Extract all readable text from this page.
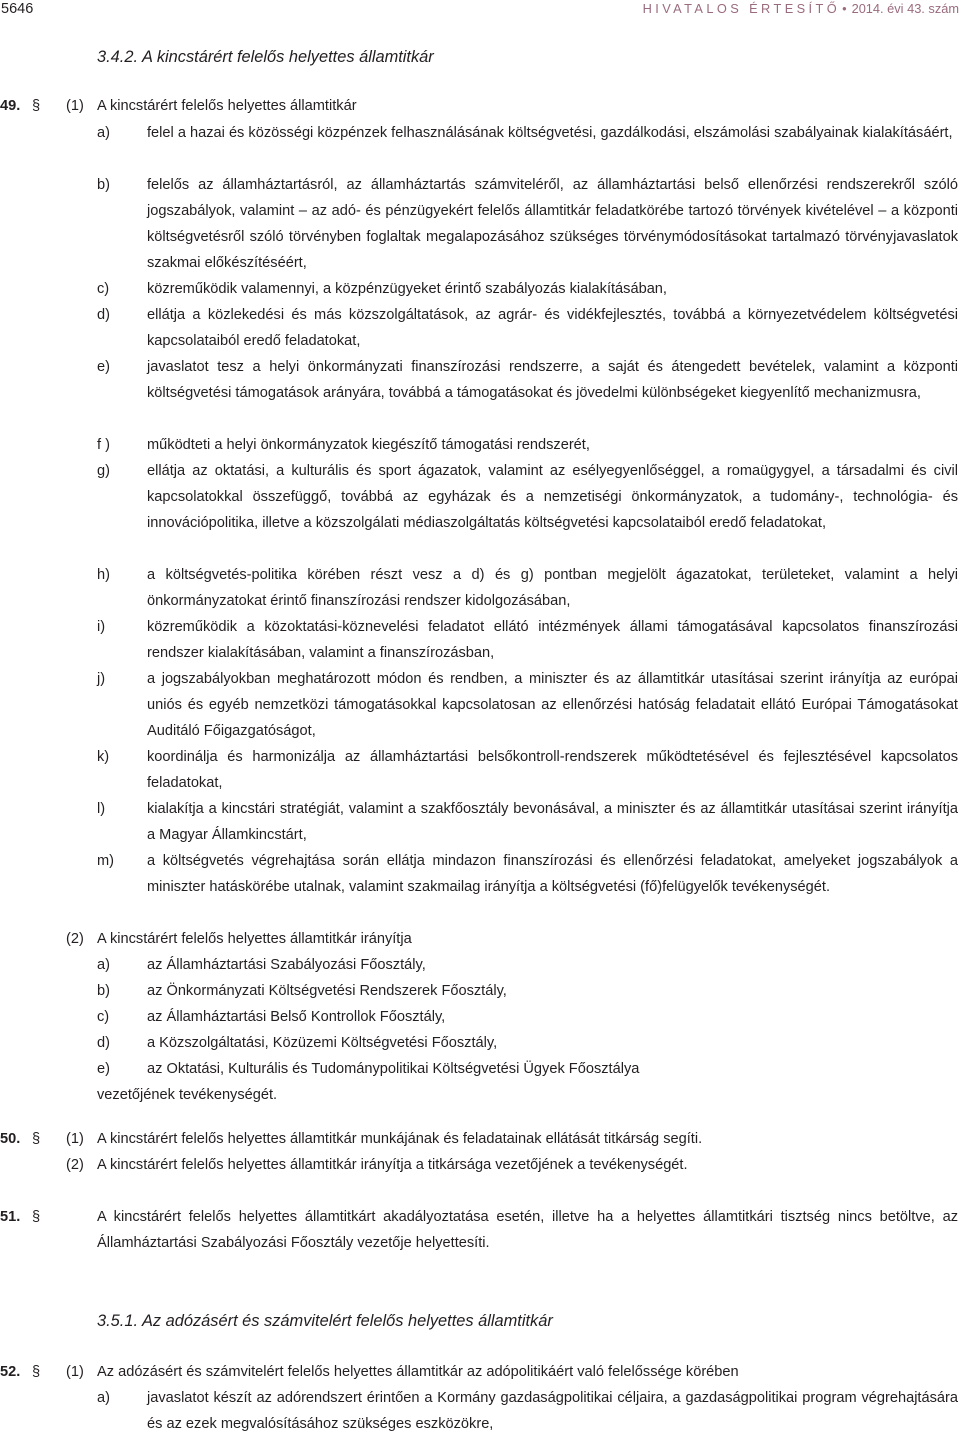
5646	HIVATALOS ÉRTESÍTŐ • 2014. évi 43. szám
3.4.2. A kincstárért felelős helyettes államtitkár
49. § (1) A kincstárért felelős helyettes államtitkár
a)	felel a hazai és közösségi közpénzek felhasználásának költségvetési, gazdálkodási, elszámolási szabályainak kialakításáért,
b)	felelős az államháztartásról, az államháztartás számviteléről, az államháztartási belső ellenőrzési rendszerekről szóló jogszabályok, valamint – az adó- és pénzügyekért felelős államtitkár feladatkörébe tartozó törvények kivételével – a központi költségvetésről szóló törvényben foglaltak megalapozásához szükséges törvénymódosításokat tartalmazó törvényjavaslatok szakmai előkészítéséért,
c)	közreműködik valamennyi, a közpénzügyeket érintő szabályozás kialakításában,
d)	ellátja a közlekedési és más közszolgáltatások, az agrár- és vidékfejlesztés, továbbá a környezetvédelem költségvetési kapcsolataiból eredő feladatokat,
e)	javaslatot tesz a helyi önkormányzati finanszírozási rendszerre, a saját és átengedett bevételek, valamint a központi költségvetési támogatások arányára, továbbá a támogatásokat és jövedelmi különbségeket kiegyenlítő mechanizmusra,
f )	működteti a helyi önkormányzatok kiegészítő támogatási rendszerét,
g)	ellátja az oktatási, a kulturális és sport ágazatok, valamint az esélyegyenlőséggel, a romaügygyel, a társadalmi és civil kapcsolatokkal összefüggő, továbbá az egyházak és a nemzetiségi önkormányzatok, a tudomány-, technológia- és innovációpolitika, illetve a közszolgálati médiaszolgáltatás költségvetési kapcsolataiból eredő feladatokat,
h)	a költségvetés-politika körében részt vesz a d) és g) pontban megjelölt ágazatokat, területeket, valamint a helyi önkormányzatokat érintő finanszírozási rendszer kidolgozásában,
i)	közreműködik a közoktatási-köznevelési feladatot ellátó intézmények állami támogatásával kapcsolatos finanszírozási rendszer kialakításában, valamint a finanszírozásban,
j)	a jogszabályokban meghatározott módon és rendben, a miniszter és az államtitkár utasításai szerint irányítja az európai uniós és egyéb nemzetközi támogatásokkal kapcsolatosan az ellenőrzési hatóság feladatait ellátó Európai Támogatásokat Auditáló Főigazgatóságot,
k)	koordinálja és harmonizálja az államháztartási belsőkontroll-rendszerek működtetésével és fejlesztésével kapcsolatos feladatokat,
l)	kialakítja a kincstári stratégiát, valamint a szakfőosztály bevonásával, a miniszter és az államtitkár utasításai szerint irányítja a Magyar Államkincstárt,
m) a költségvetés végrehajtása során ellátja mindazon finanszírozási és ellenőrzési feladatokat, amelyeket jogszabályok a miniszter hatáskörébe utalnak, valamint szakmailag irányítja a költségvetési (fő)felügyelők tevékenységét.
(2) A kincstárért felelős helyettes államtitkár irányítja
a)	az Államháztartási Szabályozási Főosztály,
b)	az Önkormányzati Költségvetési Rendszerek Főosztály,
c)	az Államháztartási Belső Kontrollok Főosztály,
d)	a Közszolgáltatási, Közüzemi Költségvetési Főosztály,
e)	az Oktatási, Kulturális és Tudománypolitikai Költségvetési Ügyek Főosztálya
vezetőjének tevékenységét.
50. § (1) A kincstárért felelős helyettes államtitkár munkájának és feladatainak ellátását titkárság segíti.
(2) A kincstárért felelős helyettes államtitkár irányítja a titkársága vezetőjének a tevékenységét.
51. §	A kincstárért felelős helyettes államtitkárt akadályoztatása esetén, illetve ha a helyettes államtitkári tisztség nincs betöltve, az Államháztartási Szabályozási Főosztály vezetője helyettesíti.
3.5.1. Az adózásért és számvitelért felelős helyettes államtitkár
52. § (1) Az adózásért és számvitelért felelős helyettes államtitkár az adópolitikáért való felelőssége körében
a)	javaslatot készít az adórendszert érintően a Kormány gazdaságpolitikai céljaira, a gazdaságpolitikai program végrehajtására és az ezek megvalósításához szükséges eszközökre,
